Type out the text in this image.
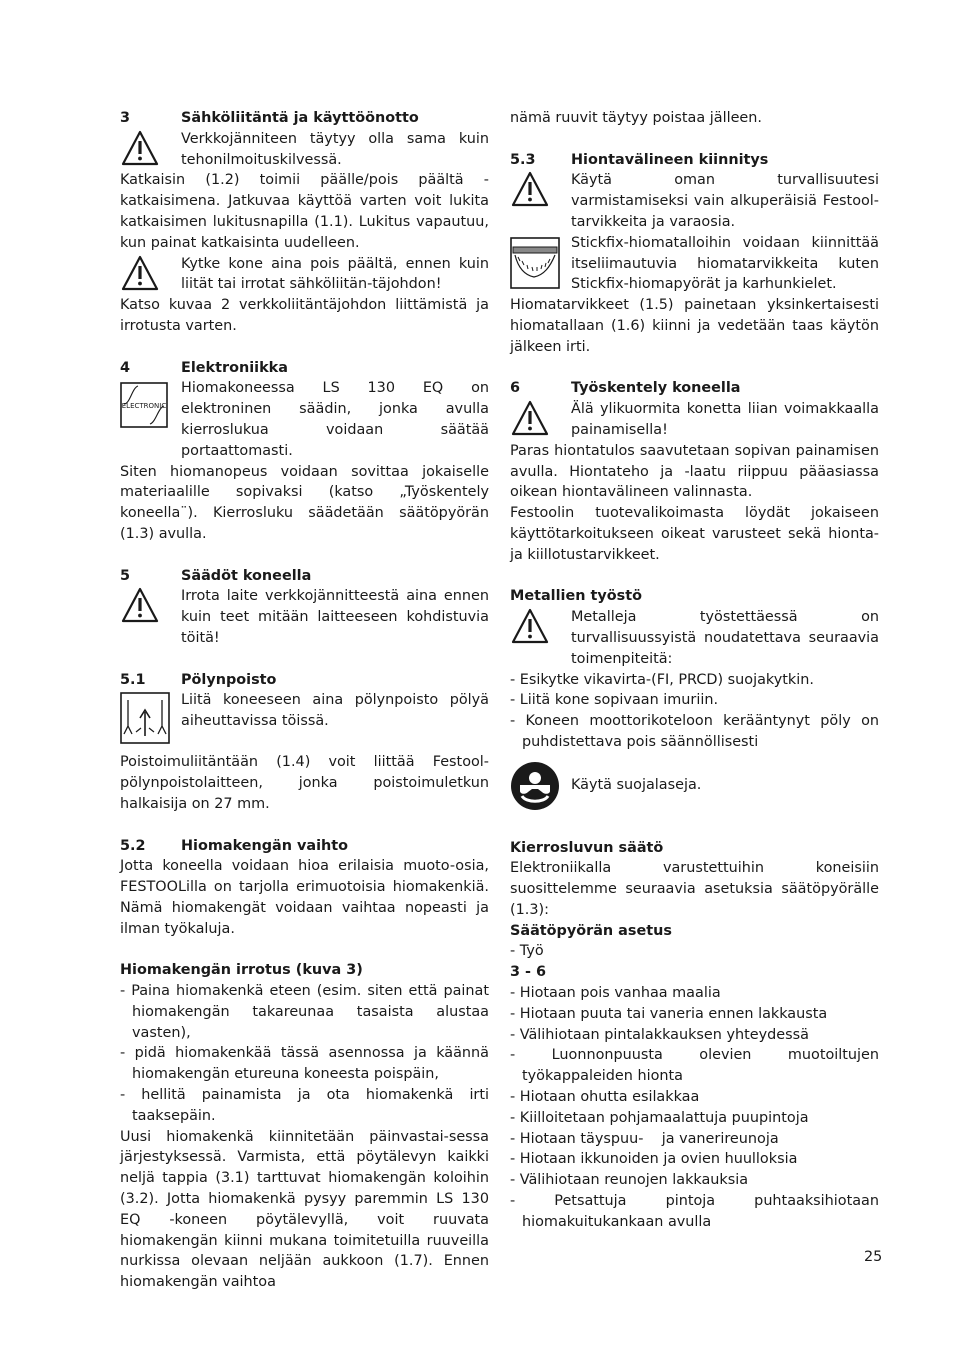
3	Sähköliitäntä ja käyttöönotto
Verkkojänniteen täytyy olla sama kuin tehonilmoituskilvessä.

Katkaisin (1.2) toimii päälle/pois päältä -katkaisimena. Jatkuvaa käyttöä varten voit lukita katkaisimen lukitusnapilla (1.1). Lukitus vapautuu, kun painat katkaisinta uudelleen.

Kytke kone aina pois päältä, ennen kuin liität tai irrotat sähköliitän-täjohdon!

Katso kuvaa 2 verkkoliitäntäjohdon liittämistä ja irrotusta varten.

4	Elektroniikka
ELECTRONIC
Hiomakoneessa LS 130 EQ on elektroninen säädin, jonka avulla kierroslukua voidaan säätää portaattomasti.

Siten hiomanopeus voidaan sovittaa jokaiselle materiaalille sopivaksi (katso „Työskentely koneella¨). Kierrosluku säädetään säätöpyörän (1.3) avulla.

5	Säädöt koneella
Irrota laite verkkojännitteestä aina ennen kuin teet mitään laitteeseen kohdistuvia töitä!
5.1	Pölynpoisto
Liitä koneeseen aina pölynpoisto pölyä aiheuttavissa töissä.

Poistoimuliitäntään (1.4) voit liittää Festool-pölynpoistolaitteen, jonka poistoimuletkun halkaisija on 27 mm.

5.2	Hiomakengän vaihto

Jotta koneella voidaan hioa erilaisia muoto-osia, FESTOOLilla on tarjolla erimuotoisia hiomakenkiä. Nämä hiomakengät voidaan vaihtaa nopeasti ja ilman työkaluja.

Hiomakengän irrotus (kuva 3)
- Paina hiomakenkä eteen (esim. siten että painat hiomakengän takareunaa tasaista alustaa vasten),
- pidä hiomakenkää tässä asennossa ja käännä hiomakengän etureuna koneesta poispäin,
- hellitä painamista ja ota hiomakenkä irti taaksepäin.

Uusi hiomakenkä kiinnitetään päinvastai-sessa järjestyksessä. Varmista, että pöytälevyn kaikki neljä tappia (3.1) tarttuvat hiomakengän koloihin (3.2). Jotta hiomakenkä pysyy paremmin LS 130 EQ -koneen pöytälevyllä, voit ruuvata hiomakengän kiinni mukana toimitetuilla ruuveilla nurkissa olevaan neljään aukkoon (1.7). Ennen hiomakengän vaihtoa

nämä ruuvit täytyy poistaa jälleen.

5.3	Hiontavälineen kiinnitys
Käytä oman turvallisuutesi varmistamiseksi vain alkuperäisiä Festool-tarvikkeita ja varaosia.
Stickfix-hiomatalloihin voidaan kiinnittää itseliimautuvia hiomatarvikkeita kuten Stickfix-hiomapyörät ja karhunkielet.

Hiomatarvikkeet (1.5) painetaan yksinkertaisesti hiomatallaan (1.6) kiinni ja vedetään taas käytön jälkeen irti.

6	Työskentely koneella
Älä ylikuormita konetta liian voimakkaalla painamisella!

Paras hiontatulos saavutetaan sopivan painamisen avulla. Hiontateho ja -laatu riippuu pääasiassa oikean hiontavälineen valinnasta.

Festoolin tuotevalikoimasta löydät jokaiseen käyttötarkoitukseen oikeat varusteet sekä hionta- ja kiillotustarvikkeet.

Metallien työstö
Metalleja työstettäessä on turvallisuussyistä noudatettava seuraavia toimenpiteitä:
- Esikytke vikavirta-(FI, PRCD) suojakytkin.
- Liitä kone sopivaan imuriin.
- Koneen moottorikoteloon kerääntynyt pöly on puhdistettava pois säännöllisesti
Käytä suojalaseja.
Kierrosluvun säätö

Elektroniikalla varustettuihin koneisiin suosittelemme seuraavia asetuksia säätöpyörälle (1.3):

Säätöpyörän asetus
- Työ
3 - 6
- Hiotaan pois vanhaa maalia
- Hiotaan puuta tai vaneria ennen lakkausta
- Välihiotaan pintalakkauksen yhteydessä
- Luonnonpuusta olevien muotoiltujen työkappaleiden hionta
- Hiotaan ohutta esilakkaa
- Kiilloitetaan pohjamaalattuja puupintoja
- Hiotaan täyspuu-    ja vanerireunoja
- Hiotaan ikkunoiden ja ovien huulloksia
- Välihiotaan reunojen lakkauksia
- Petsattuja pintoja puhtaaksihiotaan hiomakuitukankaan avulla
25
